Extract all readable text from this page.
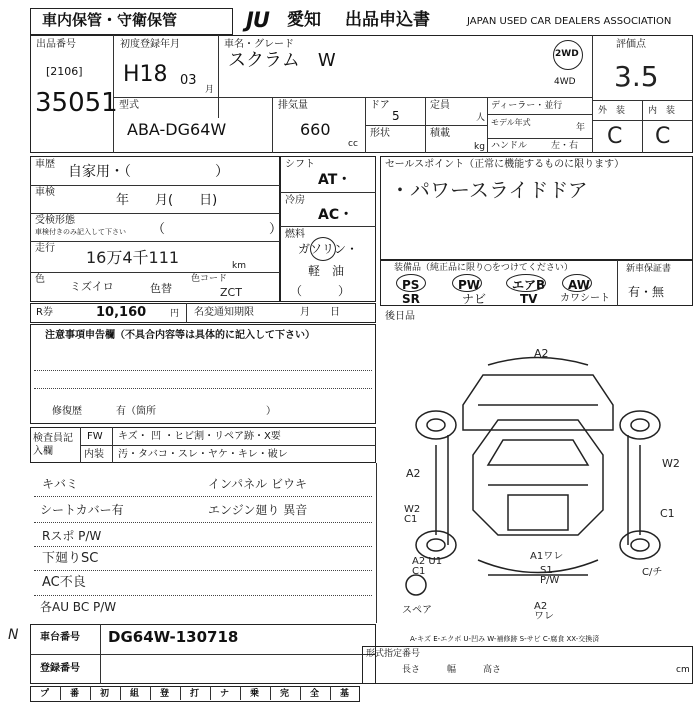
車内保管・守衛保管	JU 愛知 出品申込書	JAPAN USED CAR DEALERS ASSOCIATION
出品番号
[2106]
35051
初度登録年月
H18 03
月
車名・グレード
スクラム　W	2WD
4WD
評価点
3.5
外　装	内　装
C C
型式
ABA-DG64W
排気量
660
cc
ドア
5
定員
人
形状	積載
kg
ディーラー・並行
モデル年式
年
ハンドル	左・右
車歴 自家用・（　　　　　　）
車検
年　　月(　　日)
受検形態
車検付きのみ記入して下さい （　　　　　　　　）
走行 16万4千111	km
色
ミズイロ	色替
色コード
ZCT
シフト
AT・
冷房
AC・
燃料
ガソリン・
軽　油
（　　　）
セールスポイント（正常に機能するものに限ります）
・パワースライドドア
装備品（純正品に限り○をつけてください）
PS	PW	エアB AW
SR	ナビ	TV カワシート
新車保証書
有・無
R券	10,160	円 名変通知期限	月　　日	後日品
注意事項申告欄（不具合内容等は具体的に記入して下さい）
修復歴	有（箇所　　　　　　　　　　　）
検査員記入欄
FW キズ・ 凹 ・ヒビ割・リペア跡・X要
内装 汚・タバコ・スレ・ヤケ・キレ・破レ
キバミ	インパネル ビウキ
シートカバー有	エンジン廻り 異音
Rスポ P/W
下廻りSC
AC不良
各AU BC P/W
N 車台番号 DG64W-130718
登録番号
プ 番 初 組 登 打 ナ 乗 完 全 基
A2
A2
W2
W2 C1	C1
A2 U1 C1
A1ワレ
S1 P/W
C/チ
A2 ワレ
スペア
A-キズ E-エクボ U-凹み W-補修跡 S-サビ C-腐食 XX-交換済
形式指定番号
長さ　　　幅　　　高さ	cm
